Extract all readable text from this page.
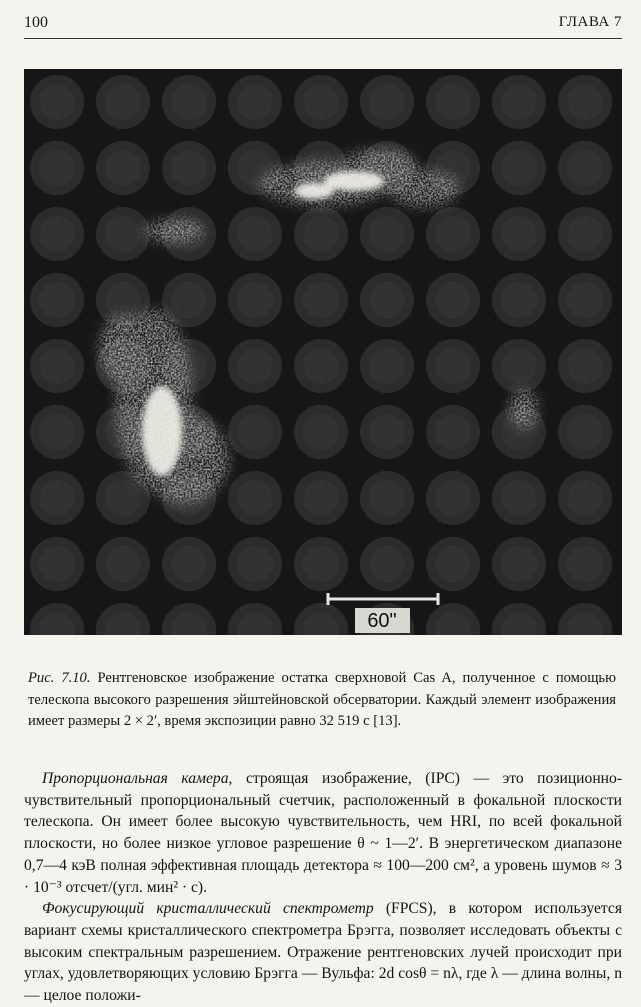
100	ГЛАВА 7
60"
Рис. 7.10. Рентгеновское изображение остатка сверхновой Cas A, полученное с помощью телескопа высокого разрешения эйштейновской обсерватории. Каждый элемент изображения имеет размеры 2 × 2′, время экспозиции равно 32 519 с [13].

Пропорциональная камера, строящая изображение, (IPC) — это позиционно-чувствительный пропорциональный счетчик, расположенный в фокальной плоскости телескопа. Он имеет более высокую чувствительность, чем HRI, по всей фокальной плоскости, но более низкое угловое разрешение θ ~ 1—2′. В энергетическом диапазоне 0,7—4 кэВ полная эффективная площадь детектора ≈ 100—200 см², а уровень шумов ≈ 3 · 10⁻³ отсчет/(угл. мин² · с).

Фокусирующий кристаллический спектрометр (FPCS), в котором используется вариант схемы кристаллического спектрометра Брэгга, позволяет исследовать объекты с высоким спектральным разрешением. Отражение рентгеновских лучей происходит при углах, удовлетворяющих условию Брэгга — Вульфа: 2d cosθ = nλ, где λ — длина волны, n — целое положи-
